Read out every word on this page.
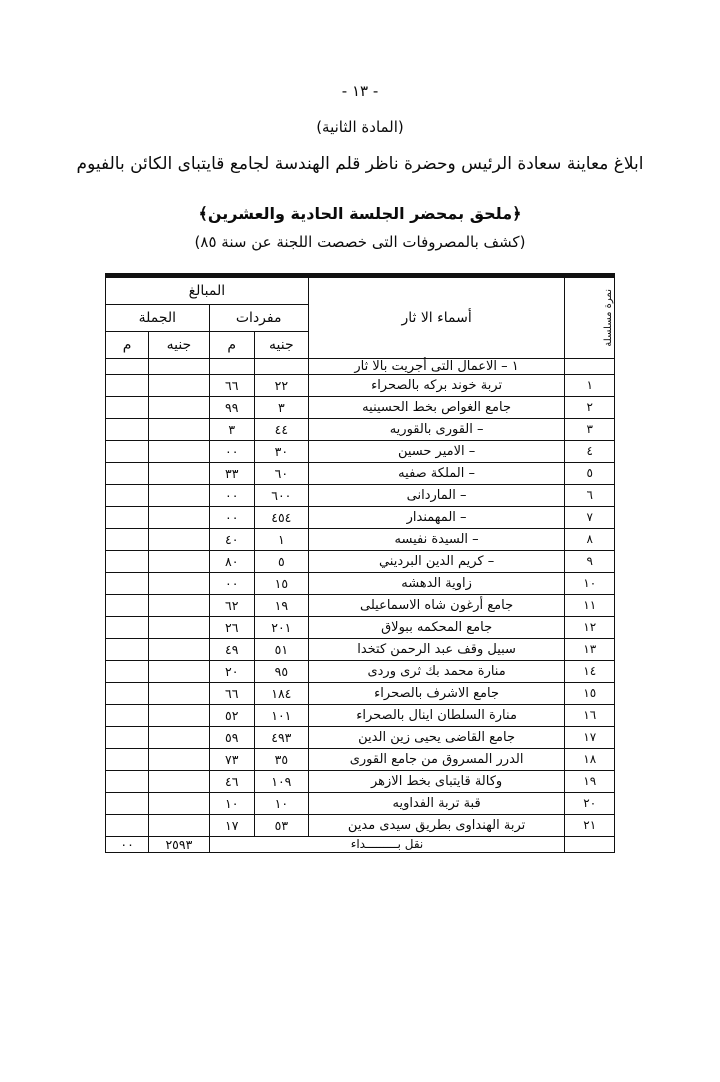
- ١٣ -
(المادة الثانية)
ابلاغ معاينة سعادة الرئيس وحضرة ناظر قلم الهندسة لجامع قايتباى الكائن بالفيوم
﴿ملحق بمحضر الجلسة الحادية والعشرين﴾
(كشف بالمصروفات التى خصصت اللجنة عن سنة ٨٥)
نمرة مسلسلة	أسماء الا ثار	المبالغ			
		مفردات		الجملة	
		جنيه	م	جنيه	م
	١ – الاعمال التى أجريت بالا ثار				
١	تربة خوند بركه بالصحراء	٢٢	٦٦		
٢	جامع الغواص بخط الحسينيه	٣	٩٩		
٣	– القورى بالقوريه	٤٤	٣		
٤	– الامير حسين	٣٠	٠٠		
٥	– الملكة صفيه	٦٠	٣٣		
٦	– الماردانى	٦٠٠	٠٠		
٧	– المهمندار	٤٥٤	٠٠		
٨	– السيدة نفيسه	١	٤٠		
٩	– كريم الدين البرديني	٥	٨٠		
١٠	زاوية الدهشه	١٥	٠٠		
١١	جامع أرغون شاه الاسماعيلى	١٩	٦٢		
١٢	جامع المحكمه ببولاق	٢٠١	٢٦		
١٣	سبيل وقف عبد الرحمن كتخدا	٥١	٤٩		
١٤	منارة محمد بك ثرى وردى	٩٥	٢٠		
١٥	جامع الاشرف بالصحراء	١٨٤	٦٦		
١٦	منارة السلطان اينال بالصحراء	١٠١	٥٢		
١٧	جامع القاضى يحيى زين الدين	٤٩٣	٥٩		
١٨	الدرر المسروق من جامع القورى	٣٥	٧٣		
١٩	وكالة قايتباى بخط الازهر	١٠٩	٤٦		
٢٠	قبة تربة الفداويه	١٠	١٠		
٢١	تربة الهنداوى بطريق سيدى مدين	٥٣	١٧		
	نقل بـــــــــداء			٢٥٩٣	٠٠
